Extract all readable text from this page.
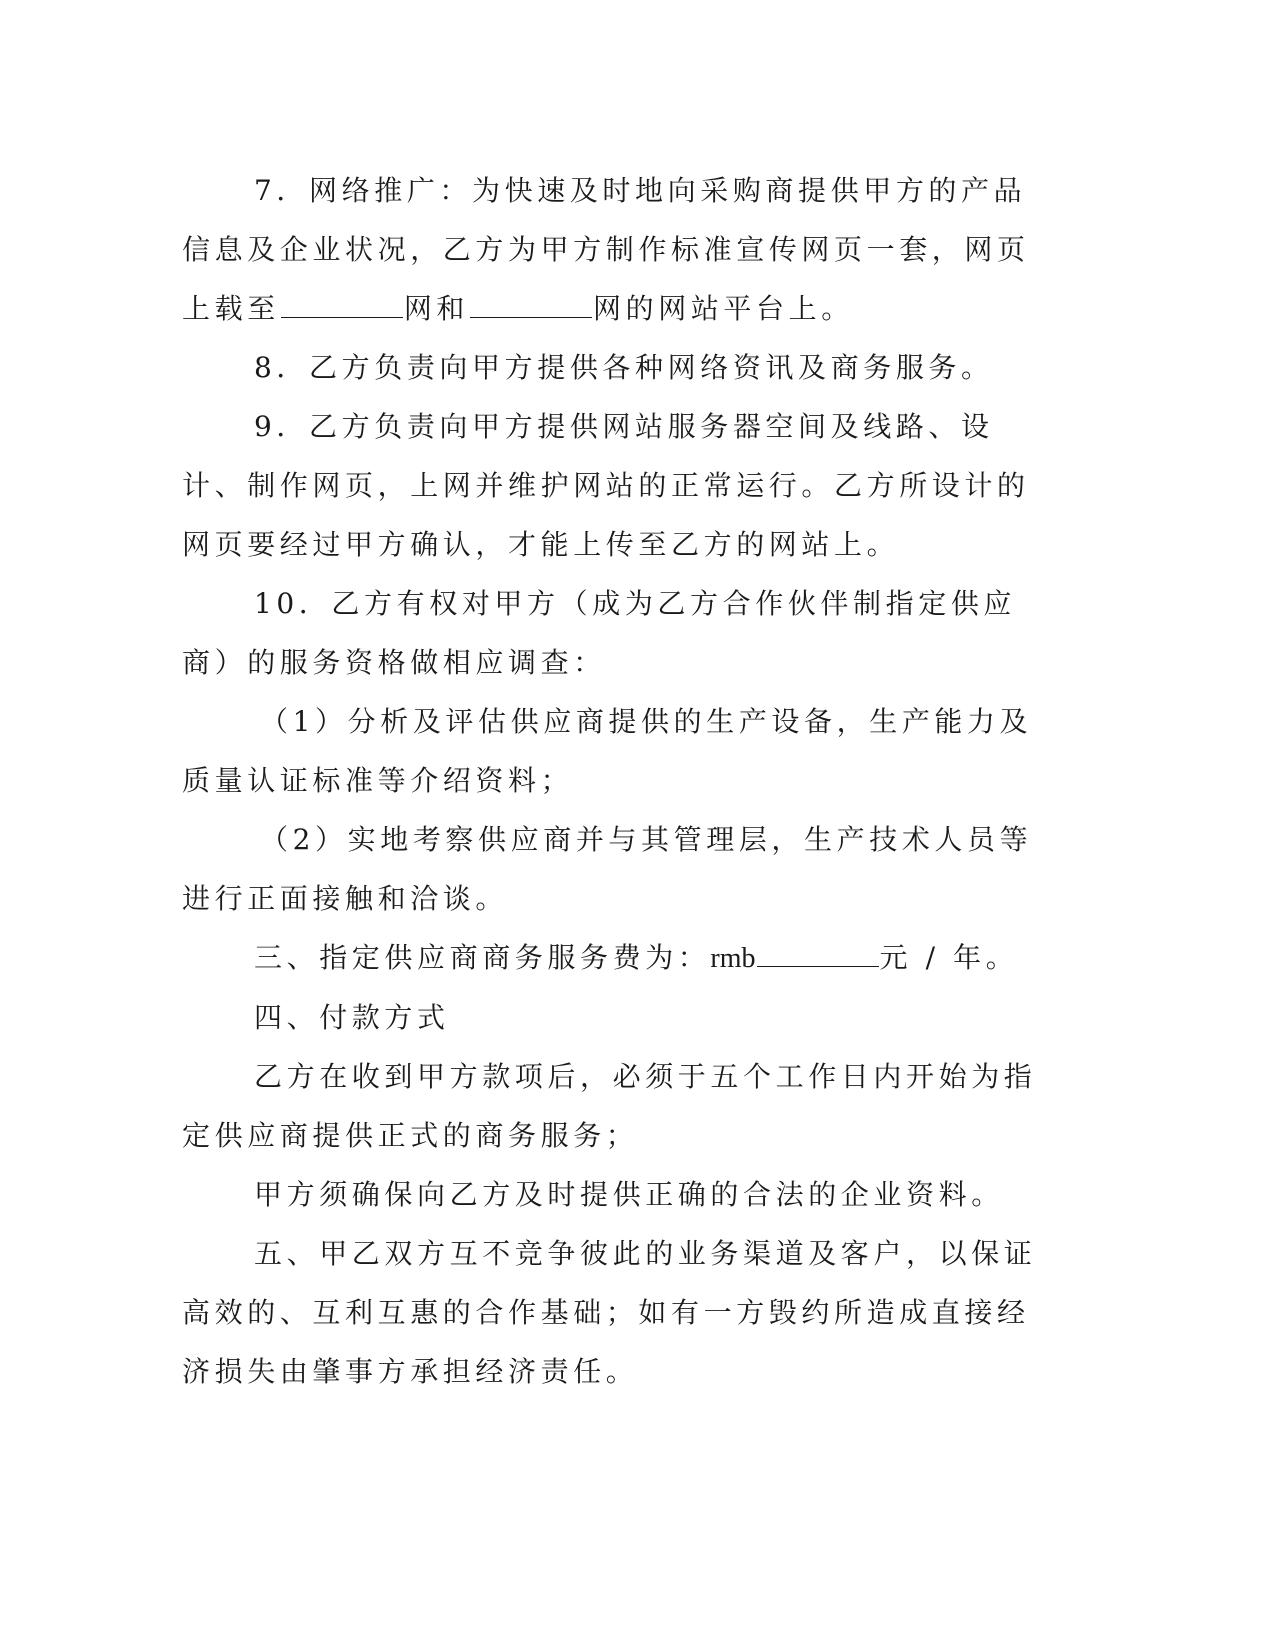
7．网络推广：为快速及时地向采购商提供甲方的产品信息及企业状况，乙方为甲方制作标准宣传网页一套，网页上载至	网和	网的网站平台上。

8．乙方负责向甲方提供各种网络资讯及商务服务。

9．乙方负责向甲方提供网站服务器空间及线路、设计、制作网页，上网并维护网站的正常运行。乙方所设计的网页要经过甲方确认，才能上传至乙方的网站上。

10．乙方有权对甲方（成为乙方合作伙伴制指定供应商）的服务资格做相应调查：

（1）分析及评估供应商提供的生产设备，生产能力及质量认证标准等介绍资料；

（2）实地考察供应商并与其管理层，生产技术人员等进行正面接触和洽谈。

三、指定供应商商务服务费为：rmb	元 / 年。

四、付款方式

乙方在收到甲方款项后，必须于五个工作日内开始为指定供应商提供正式的商务服务；

甲方须确保向乙方及时提供正确的合法的企业资料。

五、甲乙双方互不竞争彼此的业务渠道及客户，以保证高效的、互利互惠的合作基础；如有一方毁约所造成直接经济损失由肇事方承担经济责任。
